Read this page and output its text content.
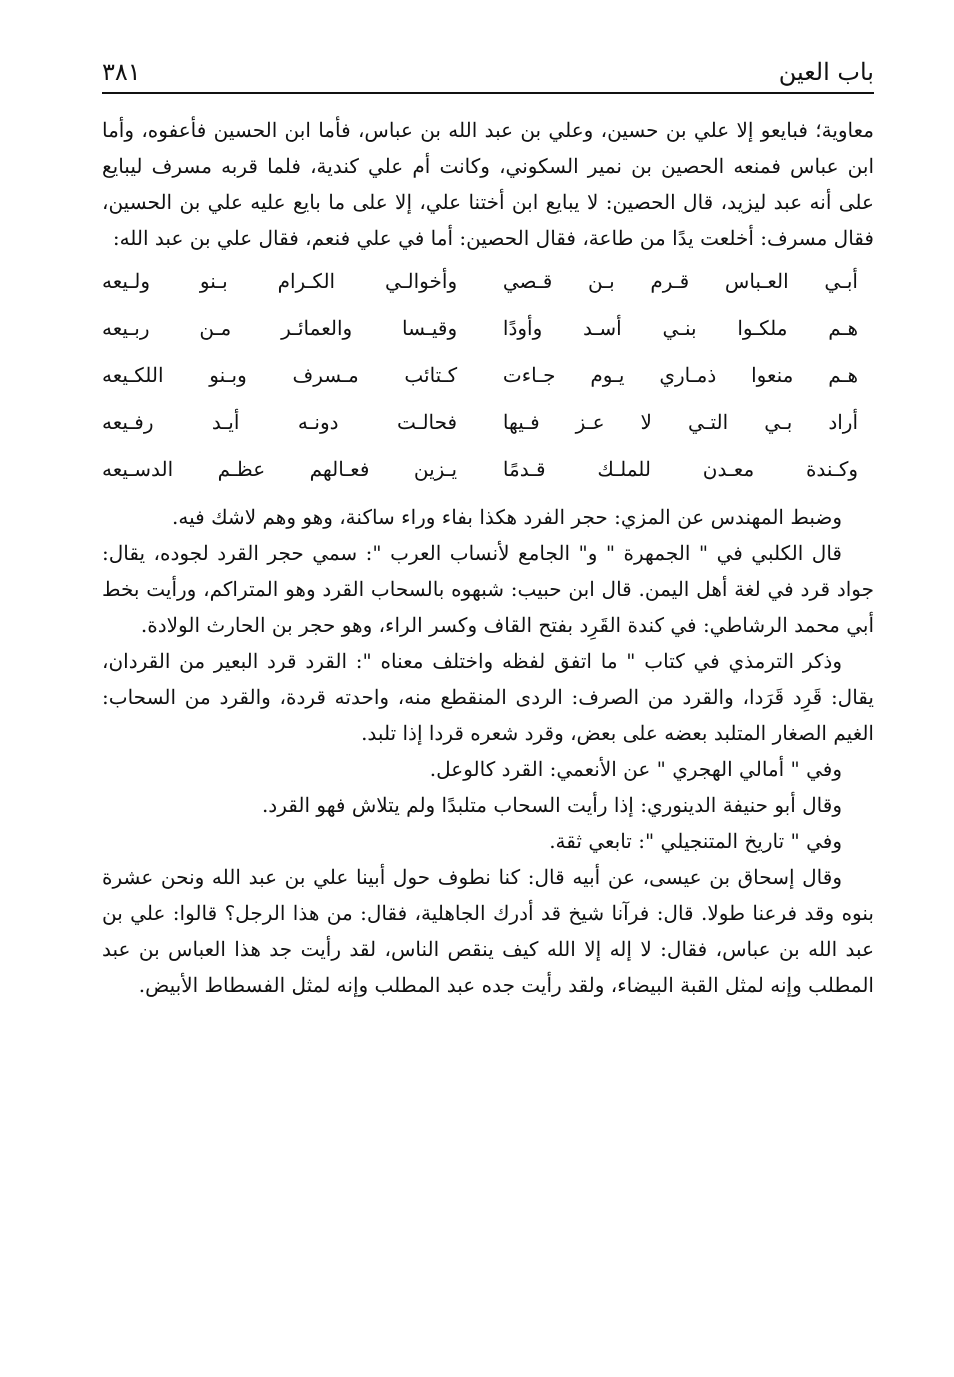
باب العين
٣٨١

معاوية؛ فبايعو إلا علي بن حسين، وعلي بن عبد الله بن عباس، فأما ابن الحسين فأعفوه، وأما ابن عباس فمنعه الحصين بن نمير السكوني، وكانت أم علي كندية، فلما قربه مسرف ليبايع على أنه عبد ليزيد، قال الحصين: لا يبايع ابن أختنا علي، إلا على ما بايع عليه علي بن الحسين، فقال مسرف: أخلعت يدًا من طاعة، فقال الحصين: أما في علي فنعم، فقال علي بن عبد الله:

أبـي العـباس قـرم بـن قـصي
وأخوالـي الكـرام بـنو ولـيعه
هـم ملكـوا بنـي أسـد وأودًا
وقيـسا والعمائـر مـن ربـيعه
هـم منعوا ذمـاري يـوم جـاءت
كـتائب مـسرف وبـنو اللكـيعه
أراد بـي التـي لا عـز فـيها
فحالـت دونـه أيـد رفـيعه
وكـندة معـدن للملـك قـدمًا
يـزين فعـالهم عظـم الدسـيعه

وضبط المهندس عن المزي: حجر الفرد هكذا بفاء وراء ساكنة، وهو وهم لاشك فيه.

قال الكلبي في " الجمهرة " و" الجامع لأنساب العرب ": سمي حجر القرد لجوده، يقال: جواد قرد في لغة أهل اليمن. قال ابن حبيب: شبهوه بالسحاب القرد وهو المتراكم، ورأيت بخط أبي محمد الرشاطي: في كندة القَرِد بفتح القاف وكسر الراء، وهو حجر بن الحارث الولادة.

وذكر الترمذي في كتاب " ما اتفق لفظه واختلف معناه ": القرد قرد البعير من القردان، يقال: قَرِد قَرَدا، والقرد من الصرف: الردى المنقطع منه، واحدته قردة، والقرد من السحاب: الغيم الصغار المتلبد بعضه على بعض، وقرد شعره قردا إذا تلبد.

وفي " أمالي الهجري " عن الأنعمي: القرد كالوعل.

وقال أبو حنيفة الدينوري: إذا رأيت السحاب متلبدًا ولم يتلاش فهو القرد.

وفي " تاريخ المتنجيلي ": تابعي ثقة.

وقال إسحاق بن عيسى، عن أبيه قال: كنا نطوف حول أبينا علي بن عبد الله ونحن عشرة بنوه وقد فرعنا طولا. قال: فرآنا شيخ قد أدرك الجاهلية، فقال: من هذا الرجل؟ قالوا: علي بن عبد الله بن عباس، فقال: لا إله إلا الله كيف ينقص الناس، لقد رأيت جد هذا العباس بن عبد المطلب وإنه لمثل القبة البيضاء، ولقد رأيت جده عبد المطلب وإنه لمثل الفسطاط الأبيض.
